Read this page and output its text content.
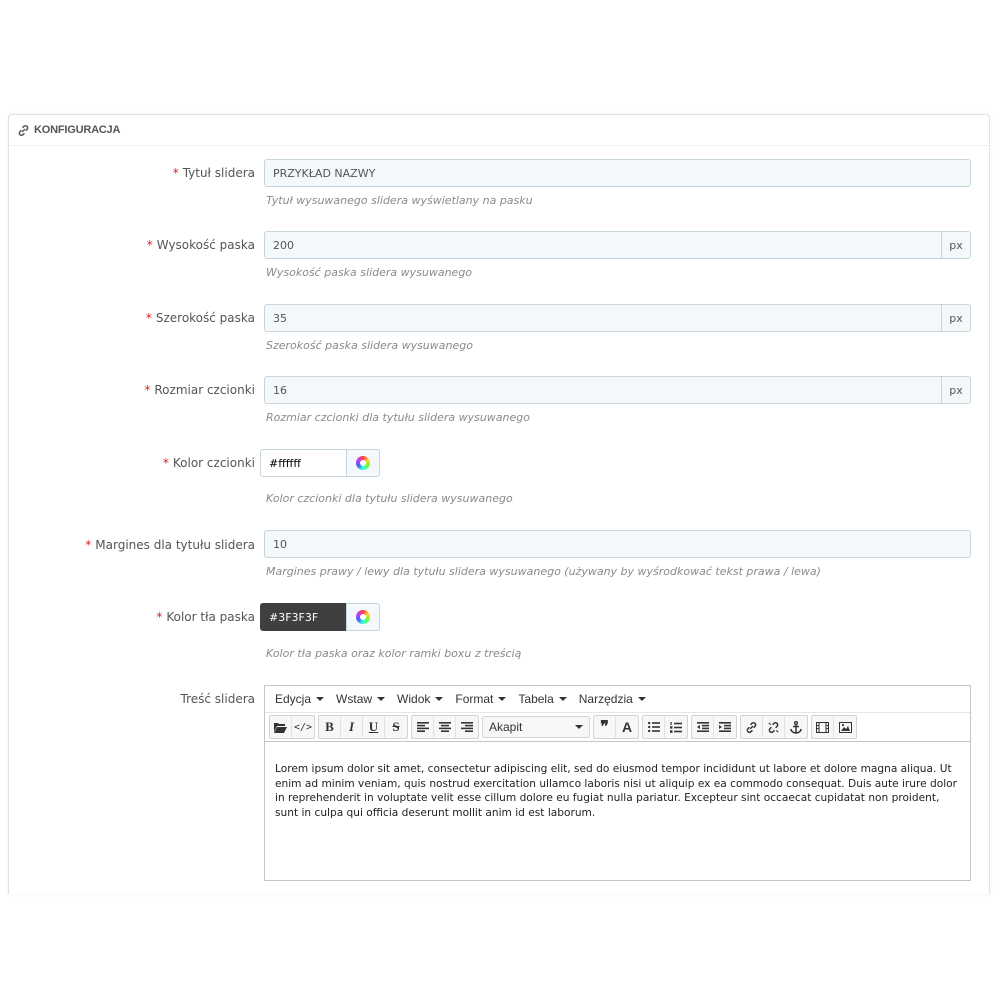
KONFIGURACJA
* Tytuł slidera	PRZYKŁAD NAZWY
Tytuł wysuwanego slidera wyświetlany na pasku
* Wysokość paska	200	px
Wysokość paska slidera wysuwanego
* Szerokość paska	35	px
Szerokość paska slidera wysuwanego
* Rozmiar czcionki	16	px
Rozmiar czcionki dla tytułu slidera wysuwanego
* Kolor czcionki	#ffffff
Kolor czcionki dla tytułu slidera wysuwanego
* Margines dla tytułu slidera	10
Margines prawy / lewy dla tytułu slidera wysuwanego (używany by wyśrodkować tekst prawa / lewa)
* Kolor tła paska	#3F3F3F
Kolor tła paska oraz kolor ramki boxu z treścią
Treść slidera Edycja Wstaw Widok Format Tabela Narzędzia
</>	B	I	U	S	Akapit	❞ A
Lorem ipsum dolor sit amet, consectetur adipiscing elit, sed do eiusmod tempor incididunt ut labore et dolore magna aliqua. Ut enim ad minim veniam, quis nostrud exercitation ullamco laboris nisi ut aliquip ex ea commodo consequat. Duis aute irure dolor in reprehenderit in voluptate velit esse cillum dolore eu fugiat nulla pariatur. Excepteur sint occaecat cupidatat non proident, sunt in culpa qui officia deserunt mollit anim id est laborum.
